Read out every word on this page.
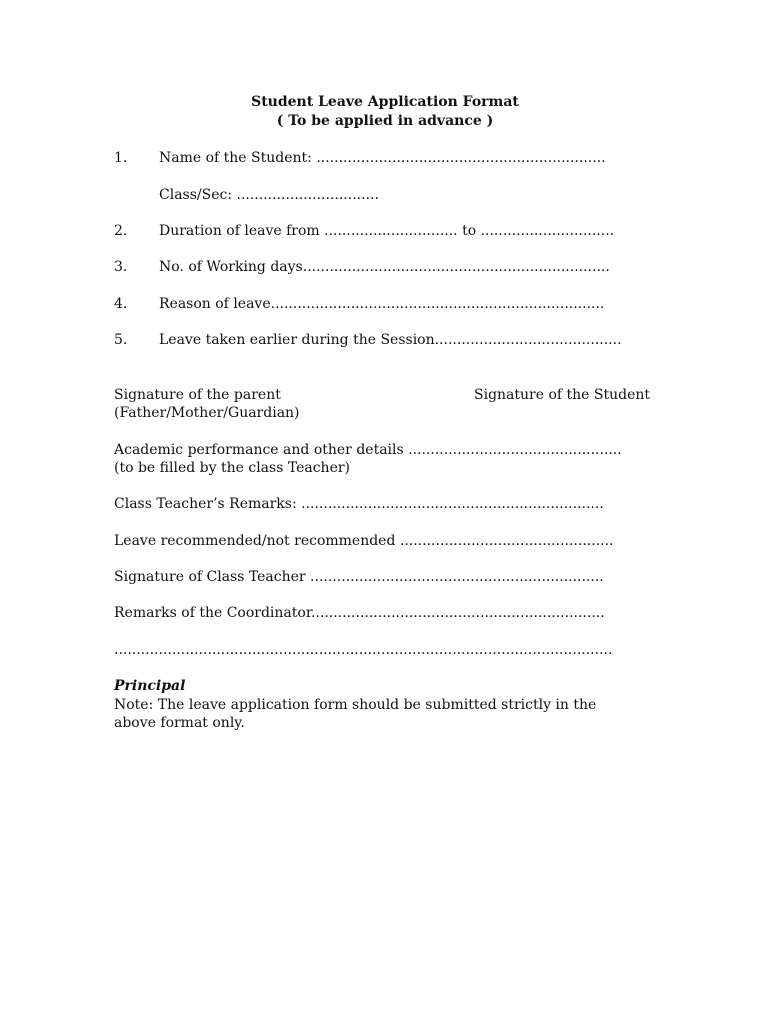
Student Leave Application Format
( To be applied in advance )
1. Name of the Student: .................................................................
Class/Sec: ................................
2. Duration of leave from .............................. to ..............................
3. No. of Working days.....................................................................
4. Reason of leave...........................................................................
5. Leave taken earlier during the Session..........................................
Signature of the parent
(Father/Mother/Guardian)
Signature of the Student
Academic performance and other details ................................................
(to be filled by the class Teacher)
Class Teacher’s Remarks: ....................................................................
Leave recommended/not recommended ................................................
Signature of Class Teacher ..................................................................
Remarks of the Coordinator..................................................................
................................................................................................................
Principal
Note: The leave application form should be submitted strictly in the
above format only.
